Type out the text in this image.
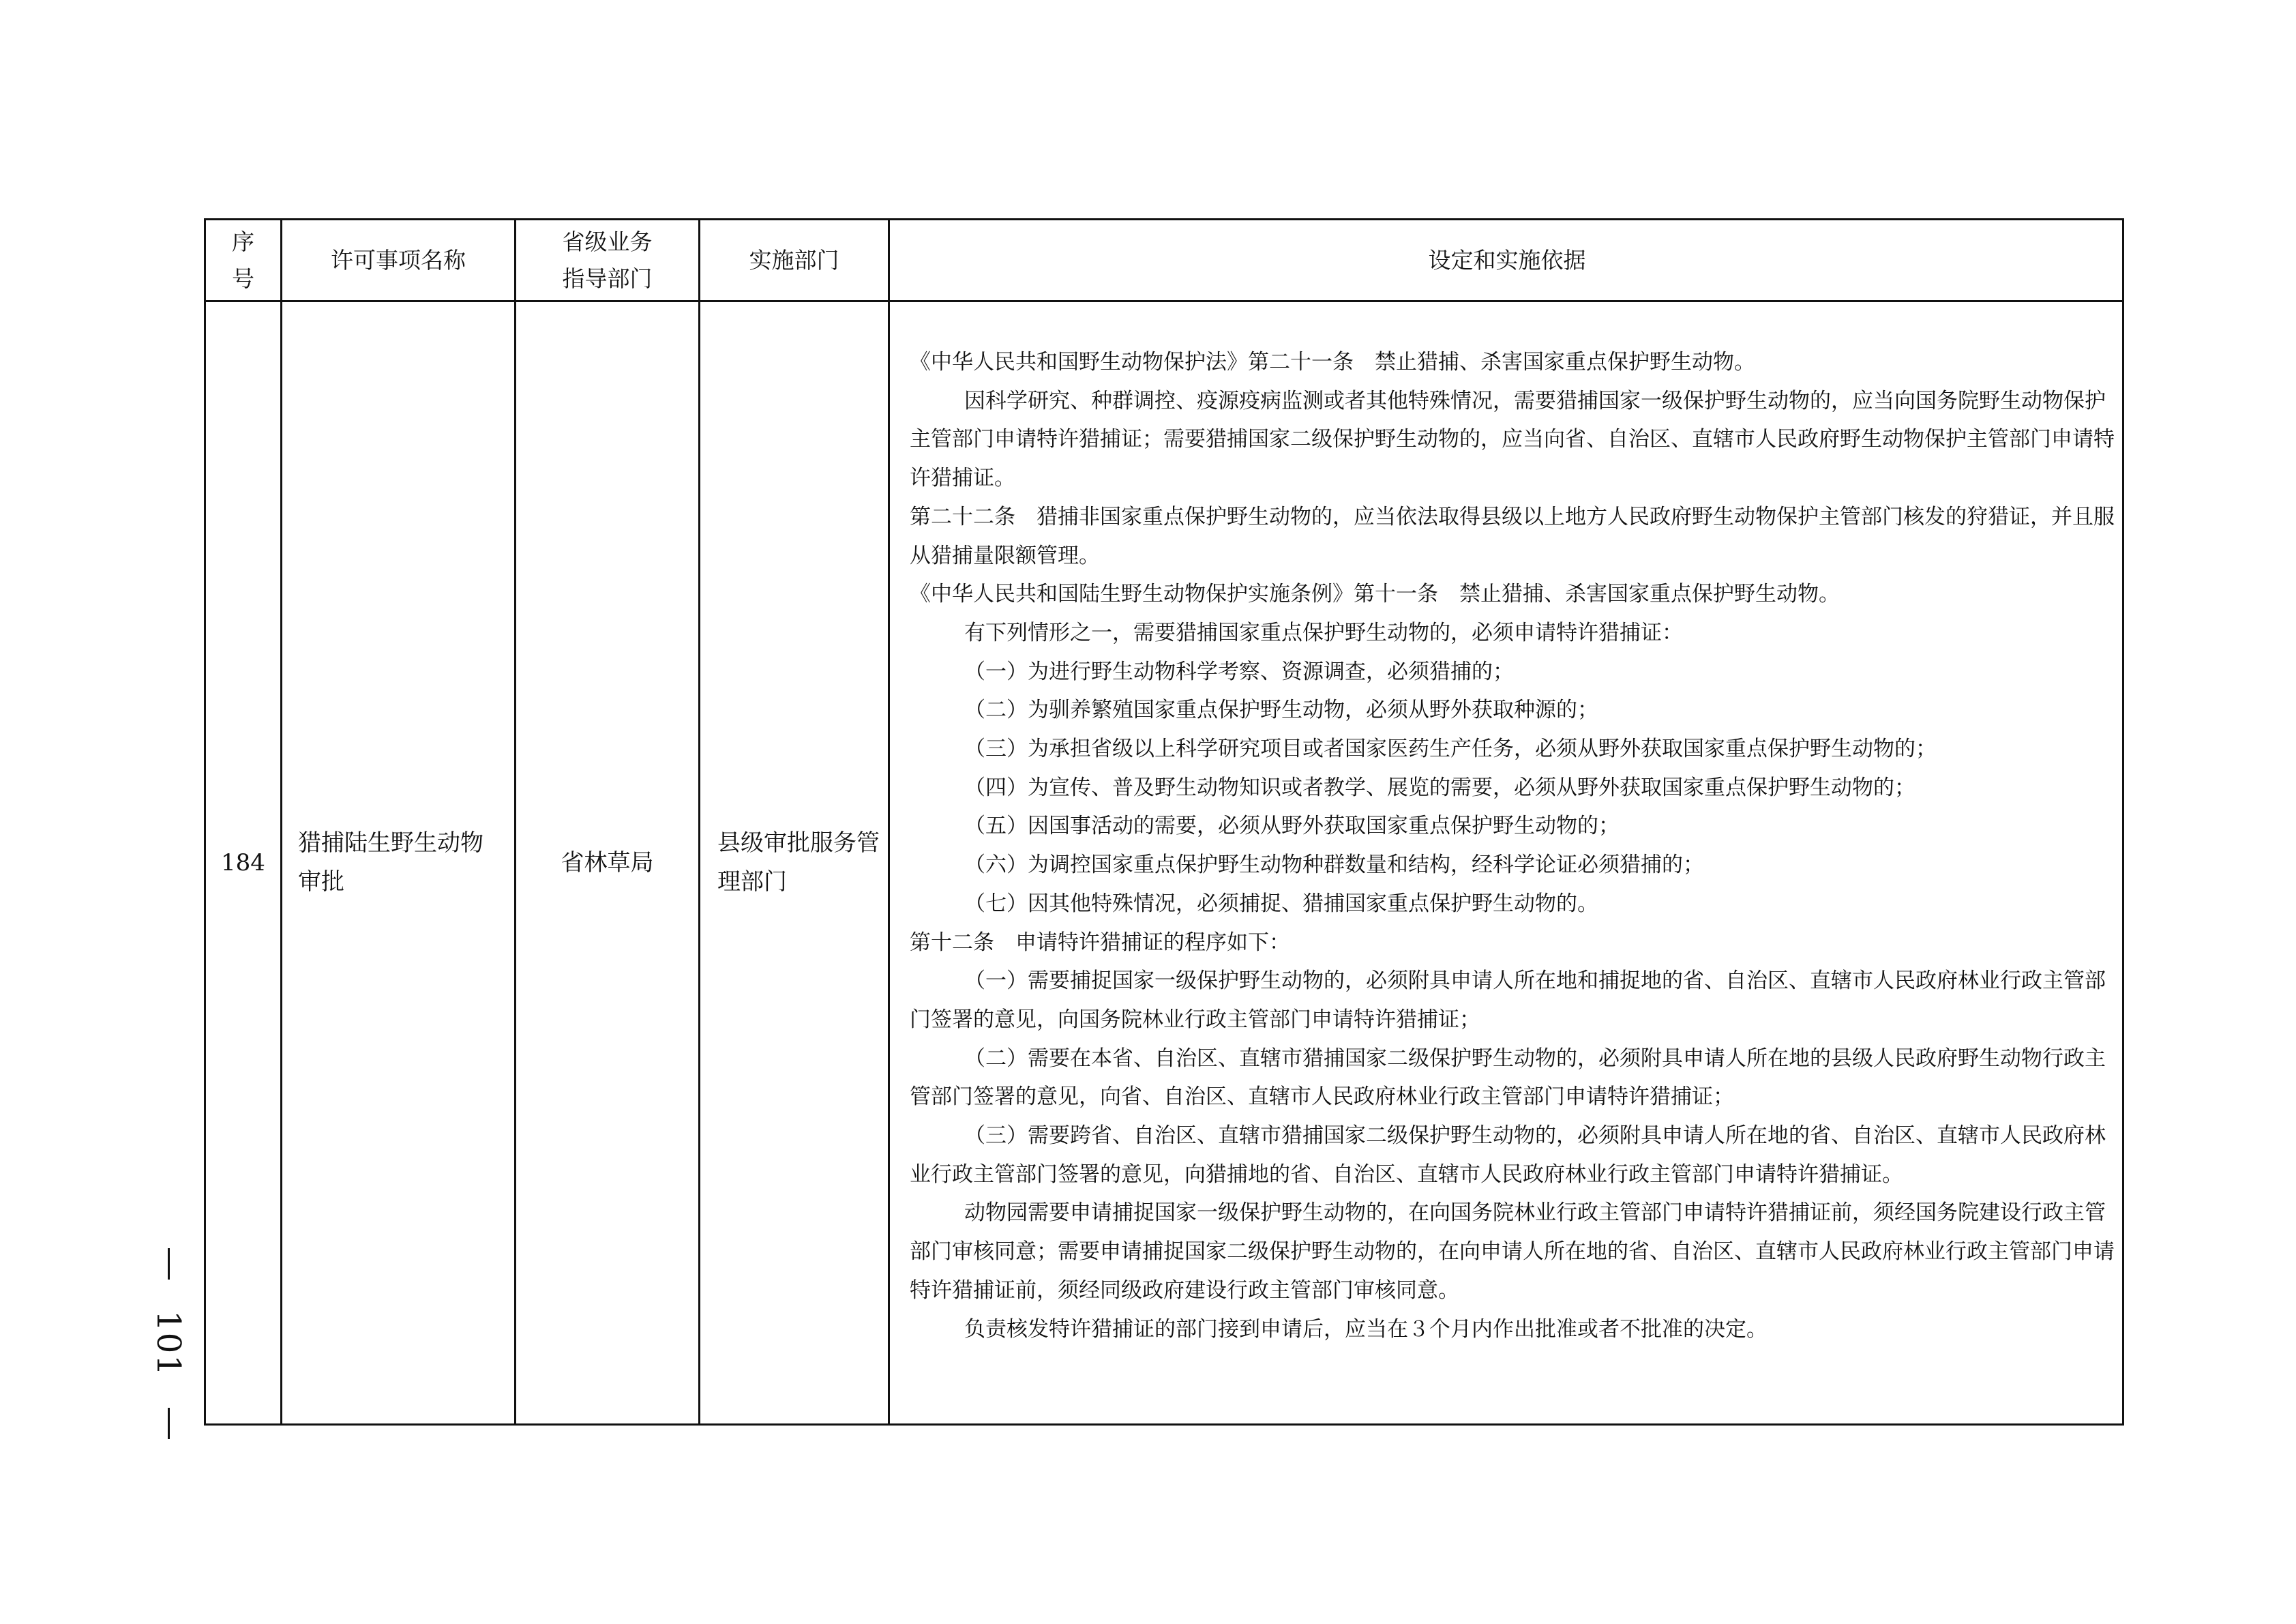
序
号
许可事项名称
省级业务
指导部门
实施部门	设定和实施依据
184
猎捕陆生野生动物审批
省林草局
县级审批服务管理部门

《中华人民共和国野生动物保护法》第二十一条　禁止猎捕、杀害国家重点保护野生动物。

因科学研究、种群调控、疫源疫病监测或者其他特殊情况，需要猎捕国家一级保护野生动物的，应当向国务院野生动物保护主管部门申请特许猎捕证；需要猎捕国家二级保护野生动物的，应当向省、自治区、直辖市人民政府野生动物保护主管部门申请特许猎捕证。

第二十二条　猎捕非国家重点保护野生动物的，应当依法取得县级以上地方人民政府野生动物保护主管部门核发的狩猎证，并且服从猎捕量限额管理。

《中华人民共和国陆生野生动物保护实施条例》第十一条　禁止猎捕、杀害国家重点保护野生动物。

有下列情形之一，需要猎捕国家重点保护野生动物的，必须申请特许猎捕证：

（一）为进行野生动物科学考察、资源调查，必须猎捕的；

（二）为驯养繁殖国家重点保护野生动物，必须从野外获取种源的；

（三）为承担省级以上科学研究项目或者国家医药生产任务，必须从野外获取国家重点保护野生动物的；

（四）为宣传、普及野生动物知识或者教学、展览的需要，必须从野外获取国家重点保护野生动物的；

（五）因国事活动的需要，必须从野外获取国家重点保护野生动物的；

（六）为调控国家重点保护野生动物种群数量和结构，经科学论证必须猎捕的；

（七）因其他特殊情况，必须捕捉、猎捕国家重点保护野生动物的。

第十二条　申请特许猎捕证的程序如下：

（一）需要捕捉国家一级保护野生动物的，必须附具申请人所在地和捕捉地的省、自治区、直辖市人民政府林业行政主管部门签署的意见，向国务院林业行政主管部门申请特许猎捕证；

（二）需要在本省、自治区、直辖市猎捕国家二级保护野生动物的，必须附具申请人所在地的县级人民政府野生动物行政主管部门签署的意见，向省、自治区、直辖市人民政府林业行政主管部门申请特许猎捕证；

（三）需要跨省、自治区、直辖市猎捕国家二级保护野生动物的，必须附具申请人所在地的省、自治区、直辖市人民政府林业行政主管部门签署的意见，向猎捕地的省、自治区、直辖市人民政府林业行政主管部门申请特许猎捕证。

动物园需要申请捕捉国家一级保护野生动物的，在向国务院林业行政主管部门申请特许猎捕证前，须经国务院建设行政主管部门审核同意；需要申请捕捉国家二级保护野生动物的，在向申请人所在地的省、自治区、直辖市人民政府林业行政主管部门申请特许猎捕证前，须经同级政府建设行政主管部门审核同意。

负责核发特许猎捕证的部门接到申请后，应当在３个月内作出批准或者不批准的决定。

101
